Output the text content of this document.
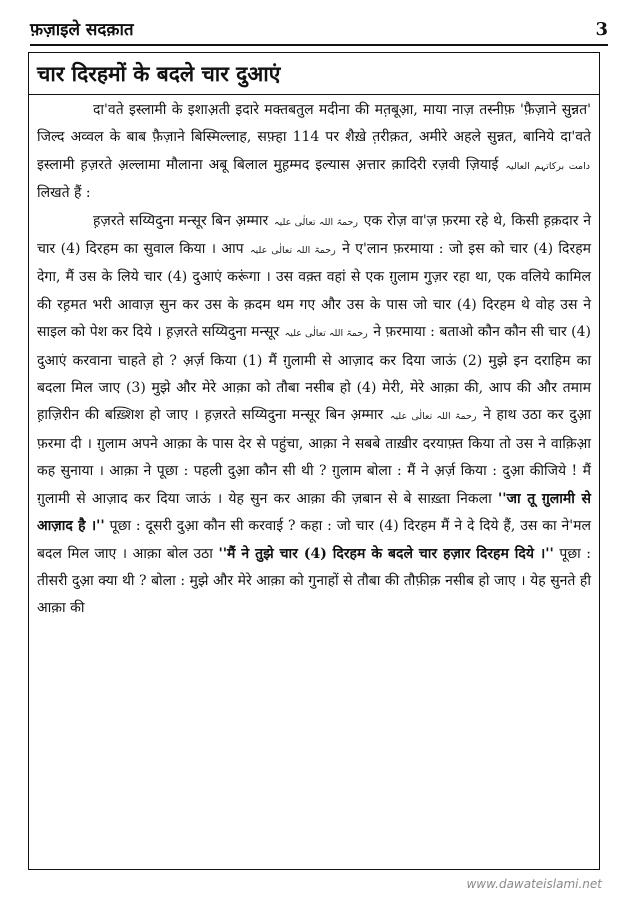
फ़ज़ाइले सदक़ात	3
चार दिरहमों के बदले चार दुआएं

दा'वते इस्लामी के इशाअ़ती इदारे मक्तबतुल मदीना की मत़बूआ़, माया नाज़ तस्नीफ़ 'फ़ैज़ाने सुन्नत' जिल्द अव्वल के बाब फ़ैज़ाने बिस्मिल्लाह, सफ़्हा 114 पर शैख़े त़रीक़त, अमीरे अहले सुन्नत, बानिये दा'वते इस्लामी ह़ज़रते अ़ल्लामा मौलाना अबू बिलाल मुह़म्मद इल्यास अ़त्तार क़ादिरी रज़वी ज़ियाई دامت برکاتہم العالیہ लिखते हैं :

ह़ज़रते सय्यिदुना मन्सूर बिन अ़म्मार رحمۃ اللہ تعالٰی علیہ एक रोज़ वा'ज़ फ़रमा रहे थे, किसी ह़क़दार ने चार (4) दिरहम का सुवाल किया । आप رحمۃ اللہ تعالٰی علیہ ने ए'लान फ़रमाया : जो इस को चार (4) दिरहम देगा, मैं उस के लिये चार (4) दुआएं करूंगा । उस वक़्त वहां से एक ग़ुलाम गुज़र रहा था, एक वलिये कामिल की रह़मत भरी आवाज़ सुन कर उस के क़दम थम गए और उस के पास जो चार (4) दिरहम थे वोह उस ने साइल को पेश कर दिये । ह़ज़रते सय्यिदुना मन्सूर رحمۃ اللہ تعالٰی علیہ ने फ़रमाया : बताओ कौन कौन सी चार (4) दुआएं करवाना चाहते हो ? अ़र्ज़ किया (1) मैं ग़ुलामी से आज़ाद कर दिया जाऊं (2) मुझे इन दराहिम का बदला मिल जाए (3) मुझे और मेरे आक़ा को तौबा नसीब हो (4) मेरी, मेरे आक़ा की, आप की और तमाम ह़ाज़िरीन की बख़्शिश हो जाए । ह़ज़रते सय्यिदुना मन्सूर बिन अ़म्मार رحمۃ اللہ تعالٰی علیہ ने हाथ उठा कर दुआ़ फ़रमा दी । ग़ुलाम अपने आक़ा के पास देर से पहुंचा, आक़ा ने सबबे ताख़ीर दरयाफ़्त किया तो उस ने वाक़िआ़ कह सुनाया । आक़ा ने पूछा : पहली दुआ़ कौन सी थी ? ग़ुलाम बोला : मैं ने अ़र्ज़ किया : दुआ़ कीजिये ! मैं ग़ुलामी से आज़ाद कर दिया जाऊं । येह सुन कर आक़ा की ज़बान से बे साख़्ता निकला ''जा तू ग़ुलामी से आज़ाद है ।'' पूछा : दूसरी दुआ़ कौन सी करवाई ? कहा : जो चार (4) दिरहम मैं ने दे दिये हैं, उस का ने'मल बदल मिल जाए । आक़ा बोल उठा ''मैं ने तुझे चार (4) दिरहम के बदले चार हज़ार दिरहम दिये ।'' पूछा : तीसरी दुआ़ क्या थी ? बोला : मुझे और मेरे आक़ा को गुनाहों से तौबा की तौफ़ीक़ नसीब हो जाए । येह सुनते ही आक़ा की

www.dawateislami.net
